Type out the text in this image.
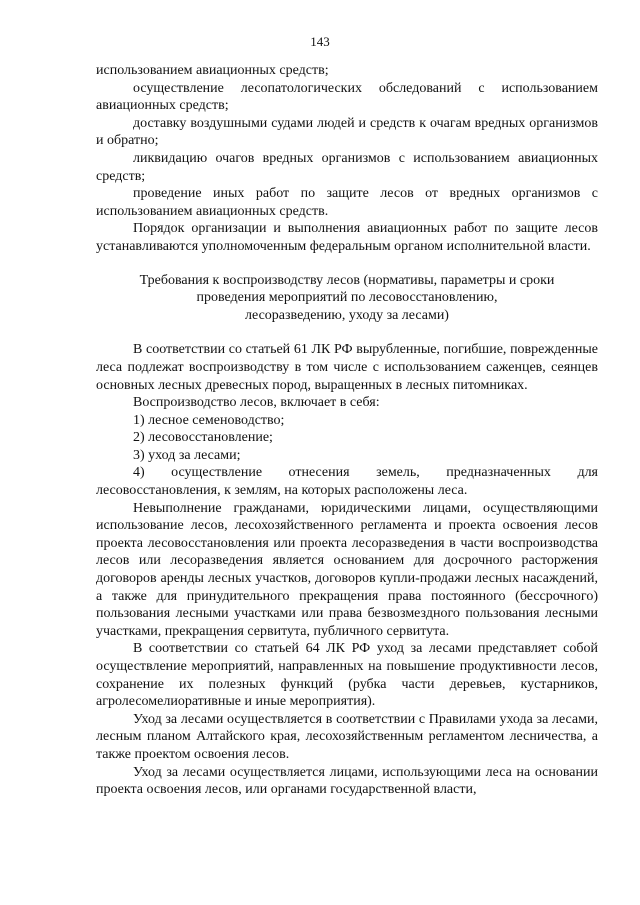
143

использованием авиационных средств;

осуществление лесопатологических обследований с использованием авиационных средств;

доставку воздушными судами людей и средств к очагам вредных организмов и обратно;

ликвидацию очагов вредных организмов с использованием авиационных средств;

проведение иных работ по защите лесов от вредных организмов с использованием авиационных средств.

Порядок организации и выполнения авиационных работ по защите лесов устанавливаются уполномоченным федеральным органом исполнительной власти.

Требования к воспроизводству лесов (нормативы, параметры и сроки
проведения мероприятий по лесовосстановлению,
лесоразведению, уходу за лесами)

В соответствии со статьей 61 ЛК РФ вырубленные, погибшие, поврежденные леса подлежат воспроизводству в том числе с использованием саженцев, сеянцев основных лесных древесных пород, выращенных в лесных питомниках.

Воспроизводство лесов, включает в себя:

1) лесное семеноводство;

2) лесовосстановление;

3) уход за лесами;

4) осуществление отнесения земель, предназначенных для лесовосстановления, к землям, на которых расположены леса.

Невыполнение гражданами, юридическими лицами, осуществляющими использование лесов, лесохозяйственного регламента и проекта освоения лесов проекта лесовосстановления или проекта лесоразведения в части воспроизводства лесов или лесоразведения является основанием для досрочного расторжения договоров аренды лесных участков, договоров купли-продажи лесных насаждений, а также для принудительного прекращения права постоянного (бессрочного) пользования лесными участками или права безвозмездного пользования лесными участками, прекращения сервитута, публичного сервитута.

В соответствии со статьей 64 ЛК РФ уход за лесами представляет собой осуществление мероприятий, направленных на повышение продуктивности лесов, сохранение их полезных функций (рубка части деревьев, кустарников, агролесомелиоративные и иные мероприятия).

Уход за лесами осуществляется в соответствии с Правилами ухода за лесами, лесным планом Алтайского края, лесохозяйственным регламентом лесничества, а также проектом освоения лесов.

Уход за лесами осуществляется лицами, использующими леса на основании проекта освоения лесов, или органами государственной власти,
